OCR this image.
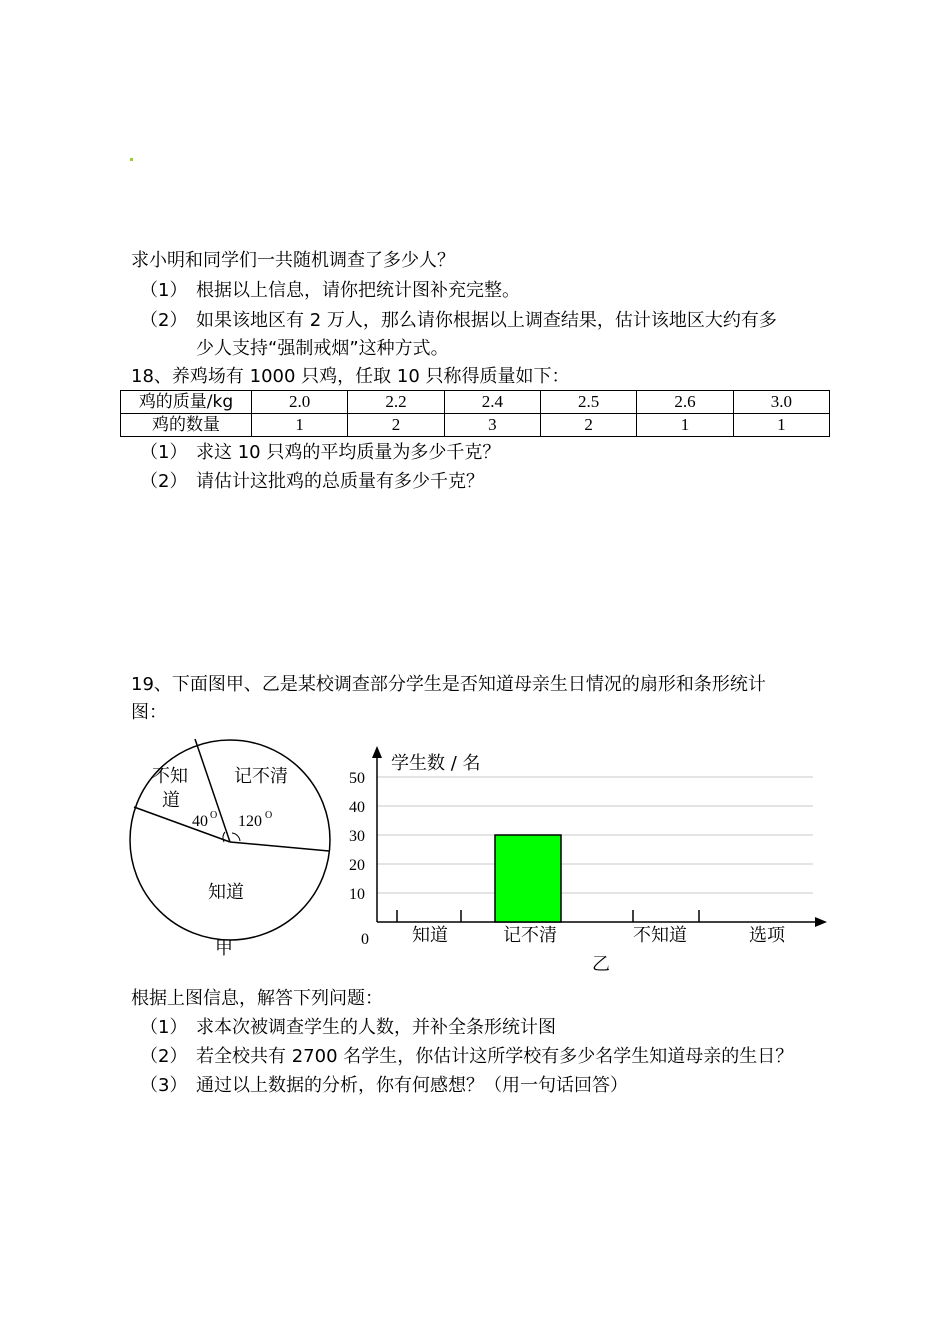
求小明和同学们一共随机调查了多少人？
（1） 根据以上信息，请你把统计图补充完整。
（2） 如果该地区有 2 万人，那么请你根据以上调查结果，估计该地区大约有多
少人支持“强制戒烟”这种方式。
18、养鸡场有 1000 只鸡，任取 10 只称得质量如下：
鸡的质量/kg	2.0	2.2	2.4	2.5	2.6	3.0
鸡的数量	1	2	3	2	1	1
（1） 求这 10 只鸡的平均质量为多少千克？
（2） 请估计这批鸡的总质量有多少千克？
19、下面图甲、乙是某校调查部分学生是否知道母亲生日情况的扇形和条形统计
图：
不知
道
记不清
知道
40 O 120 O
甲
10
20
30
40
50
学生数 / 名
0 知道	记不清	不知道	选项
乙
根据上图信息，解答下列问题：
（1） 求本次被调查学生的人数，并补全条形统计图
（2） 若全校共有 2700 名学生，你估计这所学校有多少名学生知道母亲的生日？
（3） 通过以上数据的分析，你有何感想？（用一句话回答）
